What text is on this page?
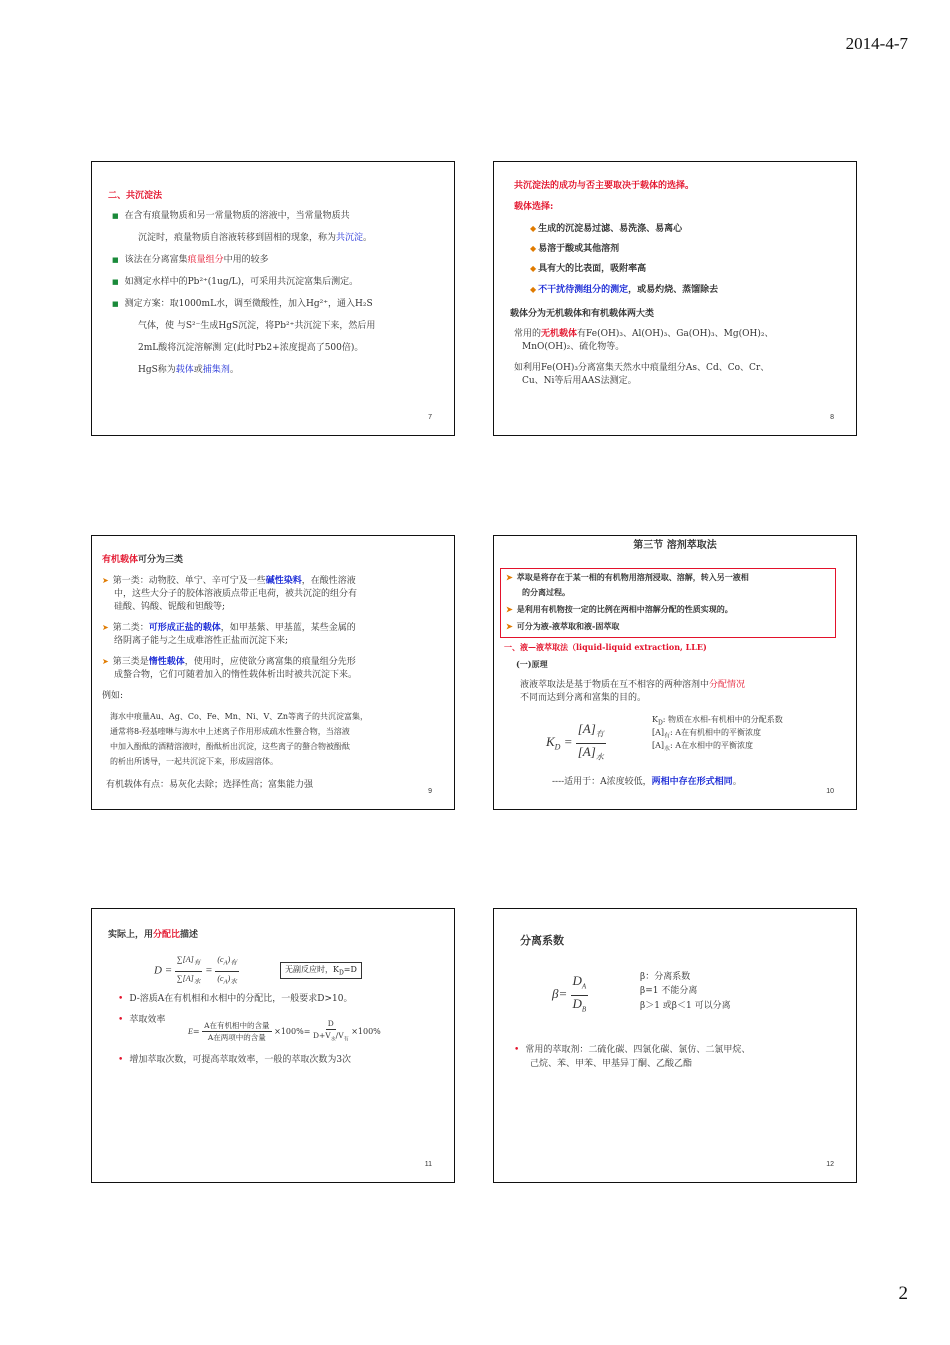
2014-4-7
二、共沉淀法
■ 在含有痕量物质和另一常量物质的溶液中，当常量物质共
沉淀时，痕量物质自溶液转移到固相的现象，称为共沉淀。
■ 该法在分离富集痕量组分中用的较多
■ 如测定水样中的Pb²⁺(1ug/L)，可采用共沉淀富集后测定。
■ 测定方案：取1000mL水，调至微酸性，加入Hg²⁺，通入H₂S
气体，使 与S²⁻生成HgS沉淀，将Pb²⁺共沉淀下来，然后用
2mL酸将沉淀溶解测 定(此时Pb2+浓度提高了500倍)。
HgS称为载体或捕集剂。
7
共沉淀法的成功与否主要取决于载体的选择。
载体选择:
◆ 生成的沉淀易过滤、易洗涤、易离心
◆ 易溶于酸或其他溶剂
◆ 具有大的比表面，吸附率高
◆ 不干扰待测组分的测定，或易灼烧、蒸馏除去
载体分为无机载体和有机载体两大类
常用的无机载体有Fe(OH)₃、Al(OH)₃、Ga(OH)₃、Mg(OH)₂、
MnO(OH)₂、硫化物等。
如利用Fe(OH)₃分离富集天然水中痕量组分As、Cd、Co、Cr、
Cu、Ni等后用AAS法测定。
8
有机载体可分为三类
➤ 第一类：动物胶、单宁、辛可宁及一些碱性染料，在酸性溶液
中，这些大分子的胶体溶液质点带正电荷，被共沉淀的组分有
硅酸、钨酸、铌酸和钽酸等;
➤ 第二类：可形成正盐的载体，如甲基紫、甲基蓝，某些金属的
络阴离子能与之生成难溶性正盐而沉淀下来;
➤ 第三类是惰性载体，使用时，应使欲分离富集的痕量组分先形
成螯合物，它们可随着加入的惰性载体析出时被共沉淀下来。
例如:
海水中痕量Au、Ag、Co、Fe、Mn、Ni、V、Zn等离子的共沉淀富集，
通常将8-羟基喹啉与海水中上述离子作用形成疏水性螯合物，当溶液
中加入酚酞的酒精溶液时，酚酞析出沉淀，这些离子的螯合物被酚酞
的析出所诱导，一起共沉淀下来，形成固溶体。
有机载体有点：易灰化去除；选择性高；富集能力强
9
第三节 溶剂萃取法
➤ 萃取是将存在于某一相的有机物用溶剂浸取、溶解，转入另一液相
的分离过程。
➤ 是利用有机物按一定的比例在两相中溶解分配的性质实现的。
➤ 可分为液-液萃取和液-固萃取
一、液—液萃取法（liquid-liquid extraction, LLE)
(一)原理
液液萃取法是基于物质在互不相容的两种溶剂中分配情况
不同而达到分离和富集的目的。
$K_D = \frac{[A]_有}{[A]_水}$
$K_D$: 物质在水相-有机相中的分配系数
$[A]_有$: A在有机相中的平衡浓度
$[A]_水$: A在水相中的平衡浓度
----适用于：A浓度较低，两相中存在形式相同。
10
实际上，用分配比描述
$D = \frac{\sum[A]_有}{\sum[A]_水} = \frac{(c_A)_有}{(c_A)_水}$	无副反应时，$K_D=D$
• D-溶质A在有机相和水相中的分配比，一般要求D>10。
• 萃取效率
$E= \frac{\text{A在有机相中的含量}}{\text{A在两项中的含量}} \times 100\%= \frac{D}{D+V_水/V_有} \times 100\%$
• 增加萃取次数，可提高萃取效率，一般的萃取次数为3次
11
分离系数
$\beta= \frac{D_A}{D_B}$	β：分离系数
β=1 不能分离
β＞1 或β＜1 可以分离
• 常用的萃取剂：二硫化碳、四氯化碳、氯仿、二氯甲烷、
己烷、苯、甲苯、甲基异丁酮、乙酸乙酯
12
2
